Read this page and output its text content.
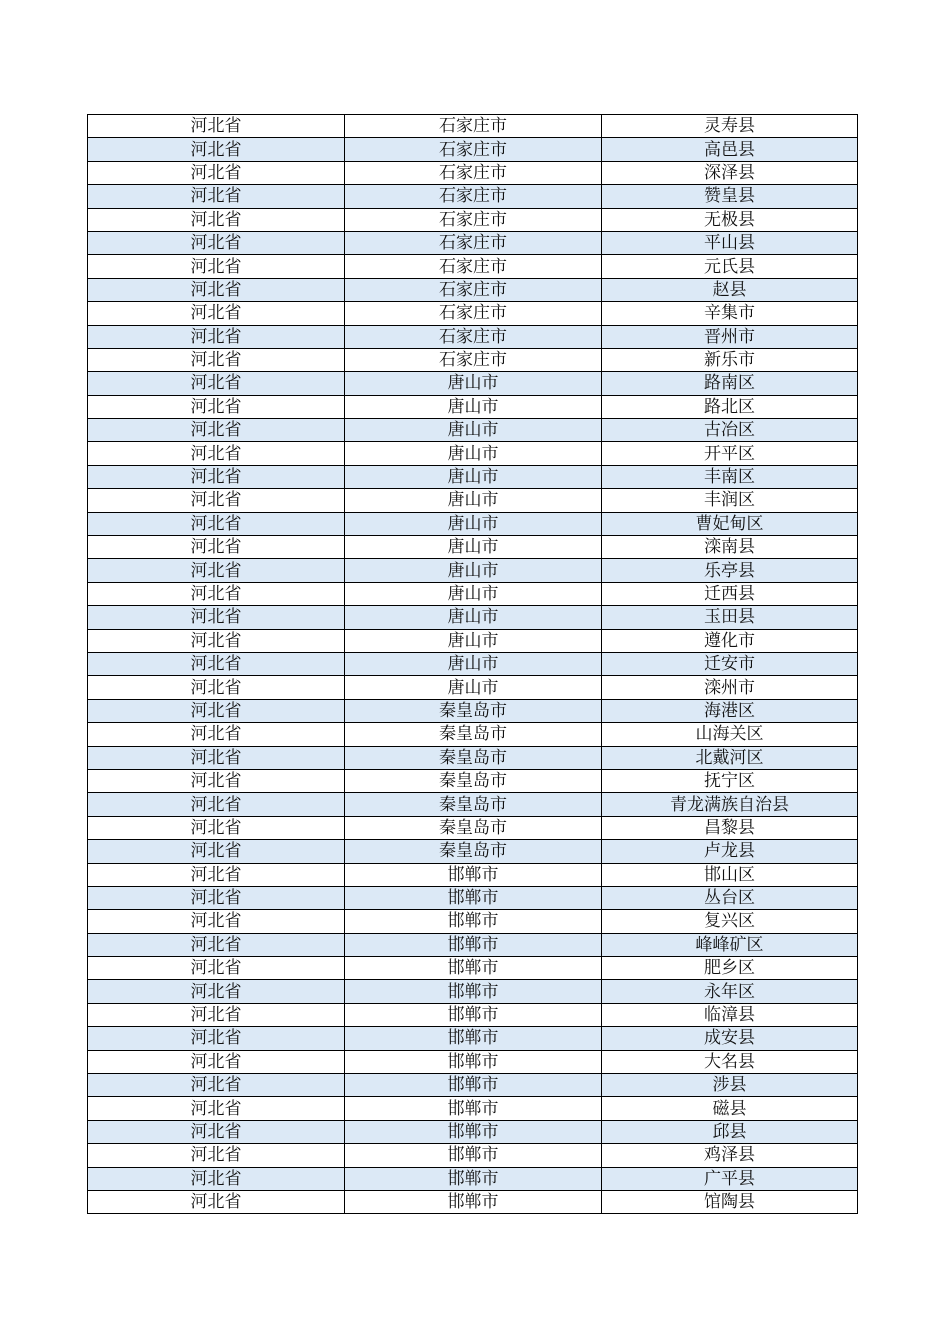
河北省	石家庄市	灵寿县
河北省	石家庄市	高邑县
河北省	石家庄市	深泽县
河北省	石家庄市	赞皇县
河北省	石家庄市	无极县
河北省	石家庄市	平山县
河北省	石家庄市	元氏县
河北省	石家庄市	赵县
河北省	石家庄市	辛集市
河北省	石家庄市	晋州市
河北省	石家庄市	新乐市
河北省	唐山市	路南区
河北省	唐山市	路北区
河北省	唐山市	古冶区
河北省	唐山市	开平区
河北省	唐山市	丰南区
河北省	唐山市	丰润区
河北省	唐山市	曹妃甸区
河北省	唐山市	滦南县
河北省	唐山市	乐亭县
河北省	唐山市	迁西县
河北省	唐山市	玉田县
河北省	唐山市	遵化市
河北省	唐山市	迁安市
河北省	唐山市	滦州市
河北省	秦皇岛市	海港区
河北省	秦皇岛市	山海关区
河北省	秦皇岛市	北戴河区
河北省	秦皇岛市	抚宁区
河北省	秦皇岛市	青龙满族自治县
河北省	秦皇岛市	昌黎县
河北省	秦皇岛市	卢龙县
河北省	邯郸市	邯山区
河北省	邯郸市	丛台区
河北省	邯郸市	复兴区
河北省	邯郸市	峰峰矿区
河北省	邯郸市	肥乡区
河北省	邯郸市	永年区
河北省	邯郸市	临漳县
河北省	邯郸市	成安县
河北省	邯郸市	大名县
河北省	邯郸市	涉县
河北省	邯郸市	磁县
河北省	邯郸市	邱县
河北省	邯郸市	鸡泽县
河北省	邯郸市	广平县
河北省	邯郸市	馆陶县
